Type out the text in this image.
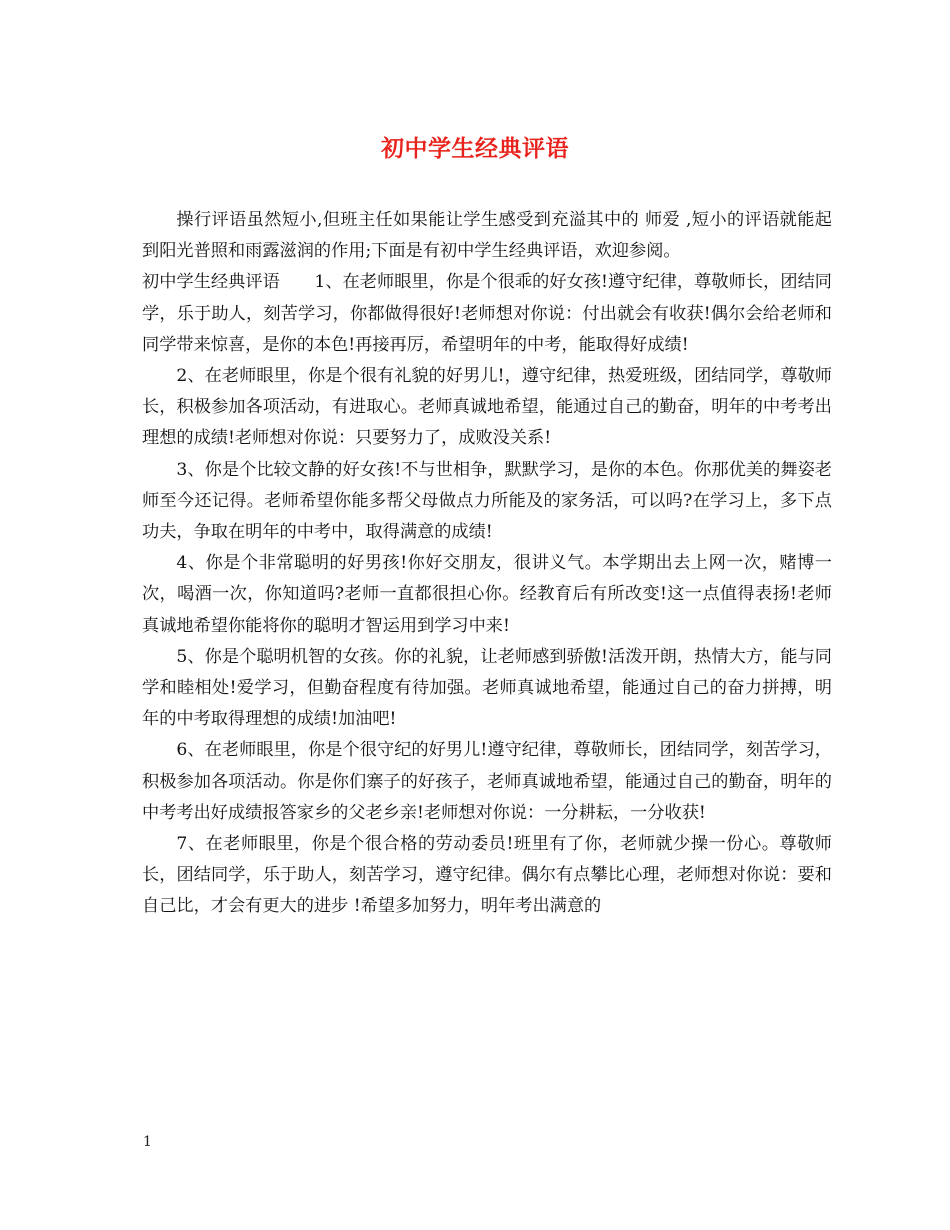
初中学生经典评语

操行评语虽然短小,但班主任如果能让学生感受到充溢其中的 师爱 ,短小的评语就能起到阳光普照和雨露滋润的作用;下面是有初中学生经典评语，欢迎参阅。

初中学生经典评语　　1、在老师眼里，你是个很乖的好女孩!遵守纪律，尊敬师长，团结同学，乐于助人，刻苦学习，你都做得很好!老师想对你说：付出就会有收获!偶尔会给老师和同学带来惊喜，是你的本色!再接再厉，希望明年的中考，能取得好成绩!

2、在老师眼里，你是个很有礼貌的好男儿!，遵守纪律，热爱班级，团结同学，尊敬师长，积极参加各项活动，有进取心。老师真诚地希望，能通过自己的勤奋，明年的中考考出理想的成绩!老师想对你说：只要努力了，成败没关系!

3、你是个比较文静的好女孩!不与世相争，默默学习，是你的本色。你那优美的舞姿老师至今还记得。老师希望你能多帮父母做点力所能及的家务活，可以吗?在学习上，多下点功夫，争取在明年的中考中，取得满意的成绩!

4、你是个非常聪明的好男孩!你好交朋友，很讲义气。本学期出去上网一次，赌博一次，喝酒一次，你知道吗?老师一直都很担心你。经教育后有所改变!这一点值得表扬!老师真诚地希望你能将你的聪明才智运用到学习中来!

5、你是个聪明机智的女孩。你的礼貌，让老师感到骄傲!活泼开朗，热情大方，能与同学和睦相处!爱学习，但勤奋程度有待加强。老师真诚地希望，能通过自己的奋力拼搏，明年的中考取得理想的成绩!加油吧!

6、在老师眼里，你是个很守纪的好男儿!遵守纪律，尊敬师长，团结同学，刻苦学习，积极参加各项活动。你是你们寨子的好孩子，老师真诚地希望，能通过自己的勤奋，明年的中考考出好成绩报答家乡的父老乡亲!老师想对你说：一分耕耘，一分收获!

7、在老师眼里，你是个很合格的劳动委员!班里有了你，老师就少操一份心。尊敬师长，团结同学，乐于助人，刻苦学习，遵守纪律。偶尔有点攀比心理，老师想对你说：要和自己比，才会有更大的进步 !希望多加努力，明年考出满意的

1
